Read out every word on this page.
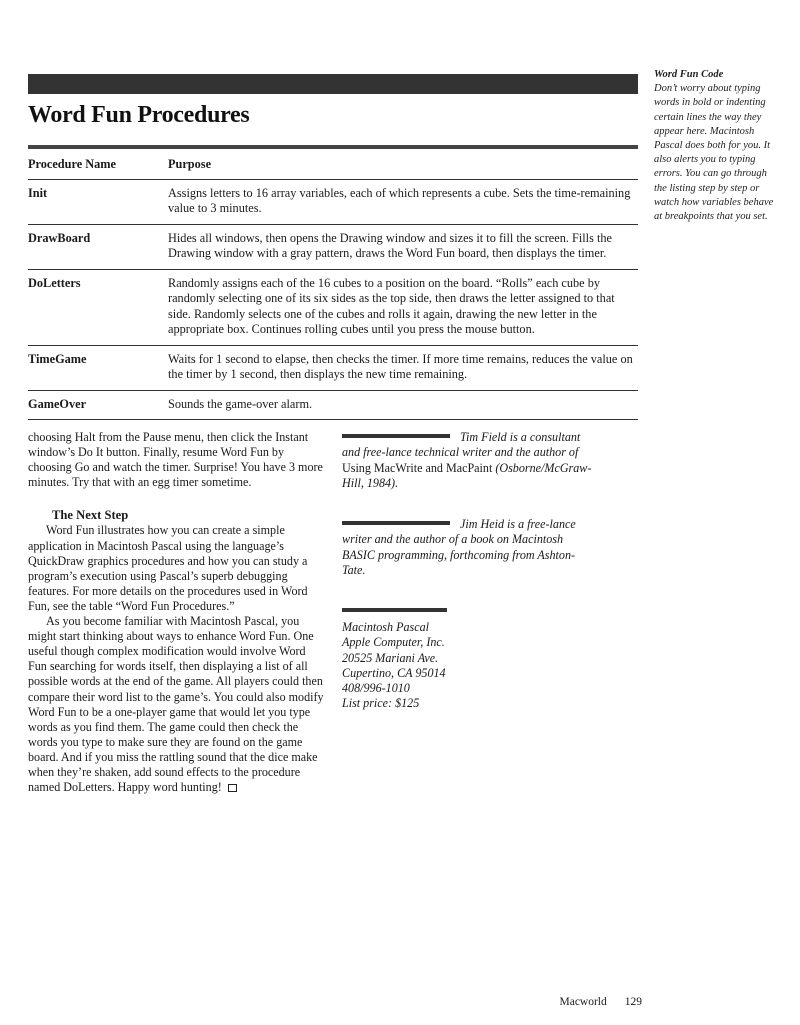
Word Fun Procedures
Procedure Name	Purpose
Init	Assigns letters to 16 array variables, each of which represents a cube. Sets the time-remaining value to 3 minutes.
DrawBoard	Hides all windows, then opens the Drawing window and sizes it to fill the screen. Fills the Drawing window with a gray pattern, draws the Word Fun board, then displays the timer.
DoLetters	Randomly assigns each of the 16 cubes to a position on the board. “Rolls” each cube by randomly selecting one of its six sides as the top side, then draws the letter assigned to that side. Randomly selects one of the cubes and rolls it again, drawing the new letter in the appropriate box. Continues rolling cubes until you press the mouse button.
TimeGame	Waits for 1 second to elapse, then checks the timer. If more time remains, reduces the value on the timer by 1 second, then displays the new time remaining.
GameOver	Sounds the game-over alarm.
Word Fun Code
Don’t worry about typing words in bold or indenting certain lines the way they appear here. Macintosh Pascal does both for you. It also alerts you to typing errors. You can go through the listing step by step or watch how variables behave at breakpoints that you set.

choosing Halt from the Pause menu, then click the Instant window’s Do It button. Finally, resume Word Fun by choosing Go and watch the timer. Surprise! You have 3 more minutes. Try that with an egg timer sometime.

The Next Step

Word Fun illustrates how you can create a simple application in Macintosh Pascal using the language’s QuickDraw graphics procedures and how you can study a program’s execution using Pascal’s superb debugging features. For more details on the procedures used in Word Fun, see the table “Word Fun Procedures.”

As you become familiar with Macintosh Pascal, you might start thinking about ways to enhance Word Fun. One useful though complex modification would involve Word Fun searching for words itself, then displaying a list of all possible words at the end of the game. All players could then compare their word list to the game’s. You could also modify Word Fun to be a one-player game that would let you type words as you find them. The game could then check the words you type to make sure they are found on the game board. And if you miss the rattling sound that the dice make when they’re shaken, add sound effects to the procedure named DoLetters. Happy word hunting!

Tim Field is a consultant and free-lance technical writer and the author of Using MacWrite and MacPaint (Osborne/McGraw-Hill, 1984).
Jim Heid is a free-lance writer and the author of a book on Macintosh BASIC programming, forthcoming from Ashton-Tate.
Macintosh Pascal
Apple Computer, Inc.
20525 Mariani Ave.
Cupertino, CA 95014
408/996-1010
List price: $125
Macworld 129
